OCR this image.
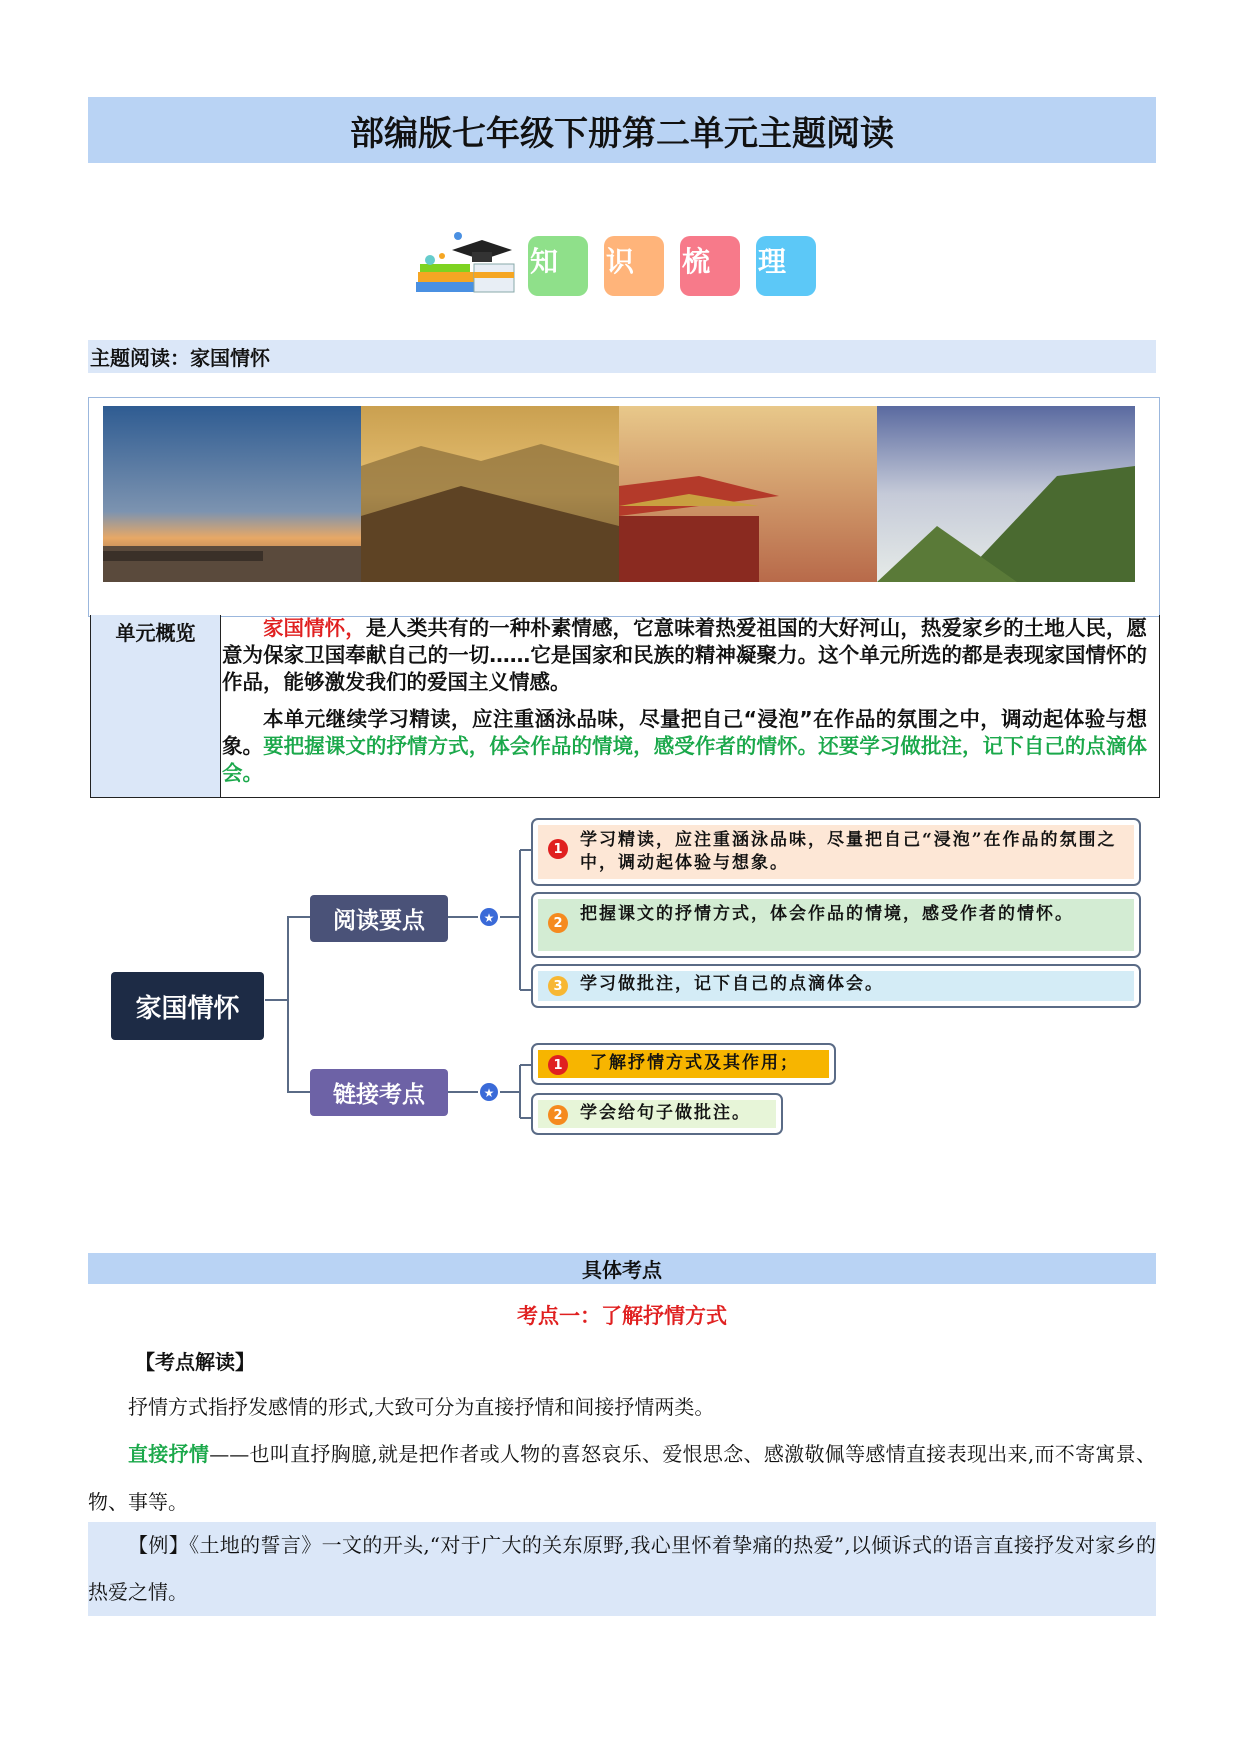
部编版七年级下册第二单元主题阅读
知	识	梳	理
主题阅读：家国情怀
单元概览	家国情怀，是人类共有的一种朴素情感，它意味着热爱祖国的大好河山，热爱家乡的土地人民，愿意为保家卫国奉献自己的一切……它是国家和民族的精神凝聚力。这个单元所选的都是表现家国情怀的作品，能够激发我们的爱国主义情感。

本单元继续学习精读，应注重涵泳品味，尽量把自己“浸泡”在作品的氛围之中，调动起体验与想象。要把握课文的抒情方式，体会作品的情境，感受作者的情怀。还要学习做批注，记下自己的点滴体会。

★
★
家国情怀
阅读要点
链接考点
1	学习精读，应注重涵泳品味，尽量把自己“浸泡”在作品的氛围之中，调动起体验与想象。
2	把握课文的抒情方式，体会作品的情境，感受作者的情怀。
3	学习做批注，记下自己的点滴体会。
1	了解抒情方式及其作用；
2	学会给句子做批注。
具体考点
考点一：了解抒情方式
【考点解读】
抒情方式指抒发感情的形式,大致可分为直接抒情和间接抒情两类。
直接抒情——也叫直抒胸臆,就是把作者或人物的喜怒哀乐、爱恨思念、感激敬佩等感情直接表现出来,而不寄寓景、物、事等。
【例】《土地的誓言》一文的开头,“对于广大的关东原野,我心里怀着挚痛的热爱”,以倾诉式的语言直接抒发对家乡的热爱之情。
